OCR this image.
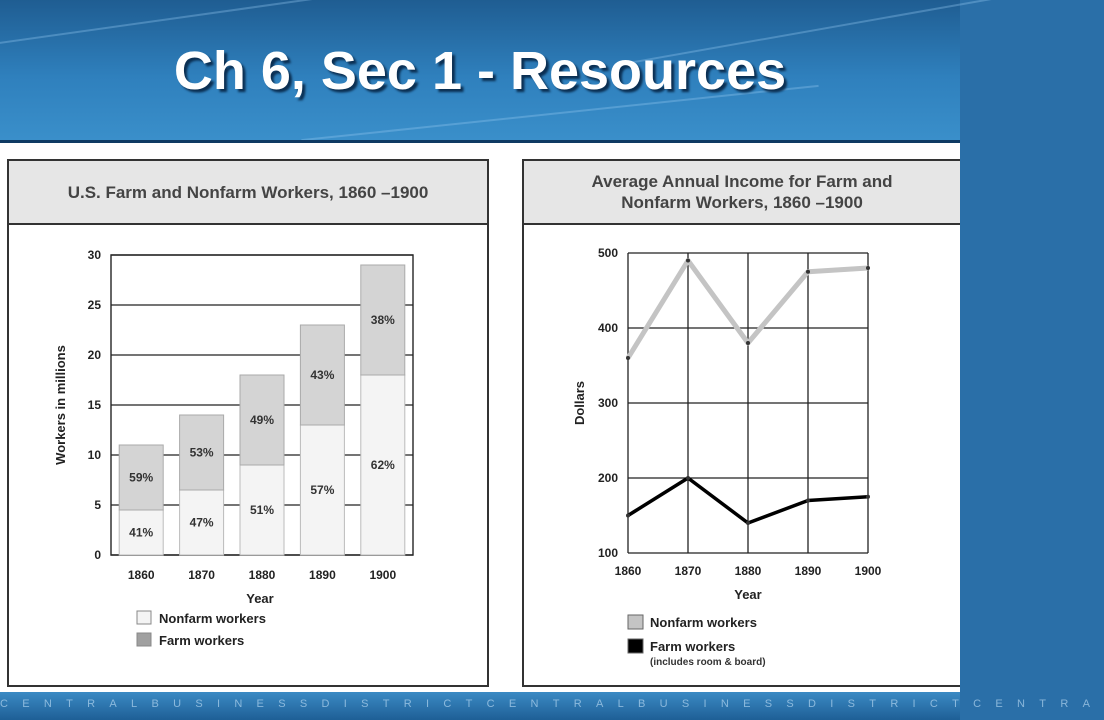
Ch 6, Sec 1 - Resources
U.S. Farm and Nonfarm Workers, 1860 –1900
0
5
10
15
20
25
30
41%
59%
1860
47%
53%
1870
51%
49%
1880
57%
43%
1890
62%
38%
1900
Workers in millions
Year
Nonfarm workers
Farm workers
Average Annual Income for Farm and
Nonfarm Workers, 1860 –1900
100
200
300
400
500
1860	1870	1880	1890	1900
Dollars
Year
Nonfarm workers
Farm workers
(includes room & board)
CENTRALBUSINESSDISTRICTCENTRALBUSINESSDISTRICTCENTRA
